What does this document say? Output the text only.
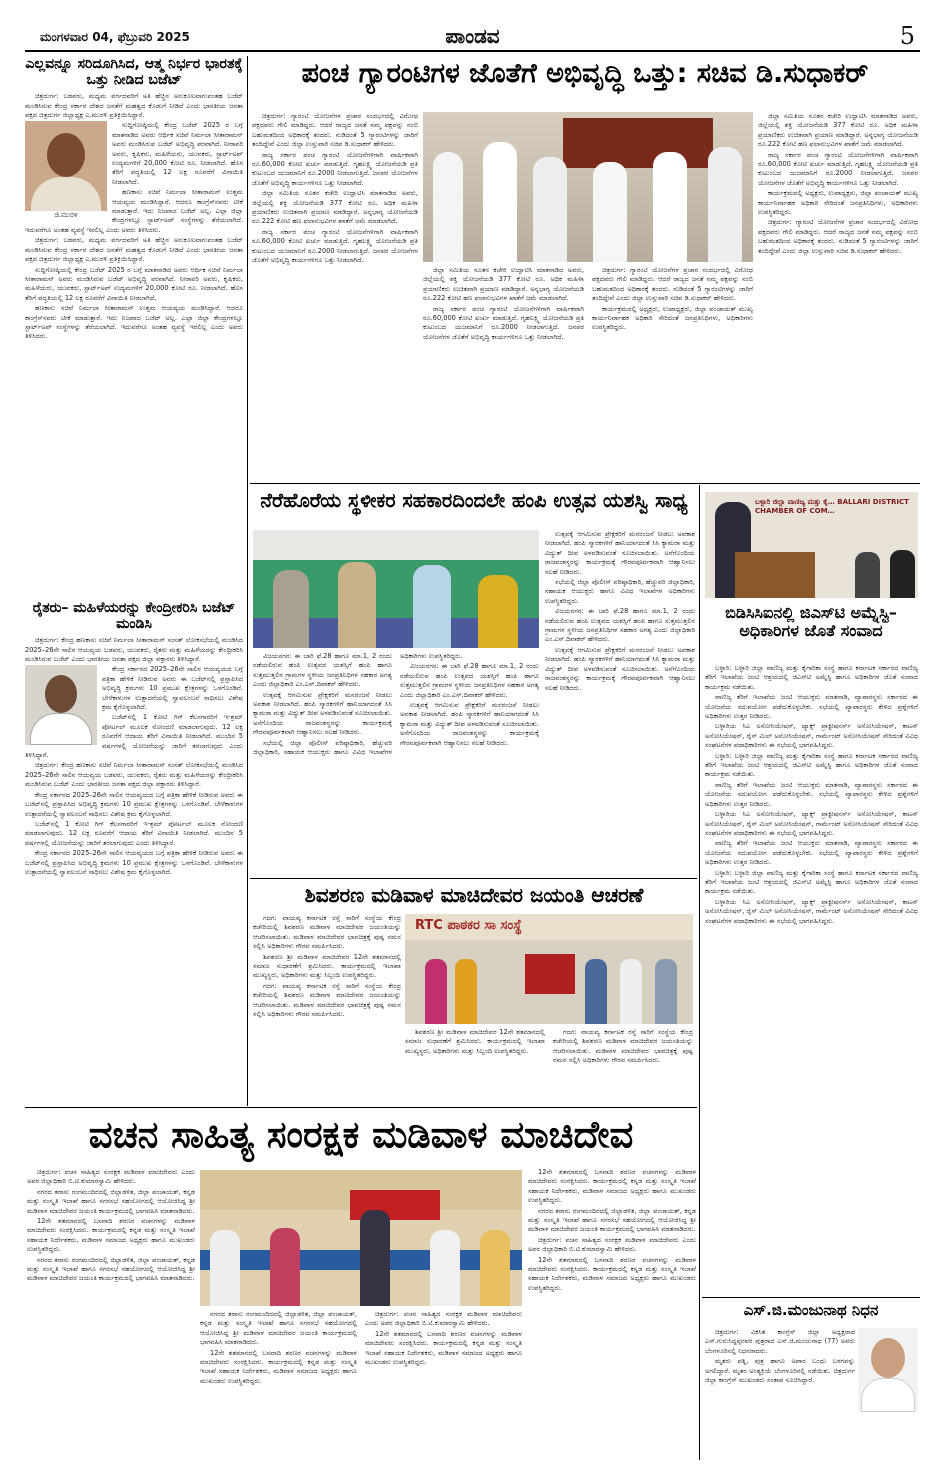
ಮಂಗಳವಾರ 04, ಫೆಬ್ರುವರಿ 2025	ಪಾಂಡವ	5
ಎಲ್ಲವನ್ನೂ ಸರಿದೂಗಿಸಿದ, ಆತ್ಮ ನಿರ್ಭರ ಭಾರತಕ್ಕೆ ಒತ್ತು ನೀಡಿದ ಬಜೆಟ್

ಚಿತ್ರದುರ್ಗ: ಬಡವರು, ಮಧ್ಯಮ ವರ್ಗದವರಿಗೆ ಅತಿ ಹೆಚ್ಚಿನ ಅನುಕೂಲವಾಗುವಂತಹ ಬಜೆಟ್ ಮಂಡಿಸಿರುವ ಕೇಂದ್ರ ಸರ್ಕಾರ ದೇಶದ ಜನತೆಗೆ ಮಹತ್ವದ ಕೊಡುಗೆ ನೀಡಿದೆ ಎಂದು ಭಾರತೀಯ ಜನತಾ ಪಕ್ಷದ ಚಿತ್ರದುರ್ಗ ಜಿಲ್ಲಾಧ್ಯಕ್ಷ ಎ.ಮುರಳಿ ಪ್ರತಿಕ್ರಿಯಿಸಿದ್ದಾರೆ.

ಜಿ.ಮುರಳಿ

ಸುದ್ದಿಗೋಷ್ಠಿಯಲ್ಲಿ ಕೇಂದ್ರ ಬಜೆಟ್ 2025 ರ ಬಗ್ಗೆ ಮಾತನಾಡಿದ ಅವರು ಆರ್ಥಿಕ ಸಚಿವೆ ನಿರ್ಮಲಾ ಸೀತಾರಾಮನ್ ಅವರು ಮಂಡಿಸಿರುವ ಬಜೆಟ್ ಅಭಿವೃದ್ಧಿ ಪರವಾಗಿದೆ. ನೀರಾವರಿ ಅವರು, ಕೃಷಿಕರು, ಮಹಿಳೆಯರು, ಯುವಕರು, ಸ್ಟಾರ್ಟ್‌ಅಪ್ ಉದ್ಯಮಗಳಿಗೆ 20,000 ಕೋಟಿ ರೂ. ನೀಡಲಾಗಿದೆ. ಹೊಸ ತೆರಿಗೆ ಪದ್ಧತಿಯಲ್ಲಿ 12 ಲಕ್ಷ ರೂವರೆಗೆ ವಿನಾಯಿತಿ ನೀಡಲಾಗಿದೆ.

ಹಣಕಾಸು ಸಚಿವೆ ನಿರ್ಮಲಾ ಸೀತಾರಾಮನ್ ಉತ್ತಮ ಆಯವ್ಯಯ ಮಂಡಿಸಿದ್ದಾರೆ. ಆದರೂ ಕಾಂಗ್ರೆಸ್‌ನವರು ಟೀಕೆ ಮಾಡುತ್ತಾರೆ. ಇದು ನಿಜವಾದ ಬಜೆಟ್ ಅಲ್ಲ. ಎಲ್ಲಾ ಜಿಲ್ಲಾ ಕೇಂದ್ರಗಳಲ್ಲೂ ಸ್ಟಾರ್ಟ್‌ಅಪ್ ಸಂಸ್ಥೆಗಳನ್ನು ತೆರೆಯಲಾಗಿದೆ. ಇದುವರೆಗೂ ಅಂತಹ ವ್ಯವಸ್ಥೆ ಇರಲಿಲ್ಲ ಎಂದು ಅವರು ತಿಳಿಸಿದರು.

ಚಿತ್ರದುರ್ಗ: ಬಡವರು, ಮಧ್ಯಮ ವರ್ಗದವರಿಗೆ ಅತಿ ಹೆಚ್ಚಿನ ಅನುಕೂಲವಾಗುವಂತಹ ಬಜೆಟ್ ಮಂಡಿಸಿರುವ ಕೇಂದ್ರ ಸರ್ಕಾರ ದೇಶದ ಜನತೆಗೆ ಮಹತ್ವದ ಕೊಡುಗೆ ನೀಡಿದೆ ಎಂದು ಭಾರತೀಯ ಜನತಾ ಪಕ್ಷದ ಚಿತ್ರದುರ್ಗ ಜಿಲ್ಲಾಧ್ಯಕ್ಷ ಎ.ಮುರಳಿ ಪ್ರತಿಕ್ರಿಯಿಸಿದ್ದಾರೆ.

ಸುದ್ದಿಗೋಷ್ಠಿಯಲ್ಲಿ ಕೇಂದ್ರ ಬಜೆಟ್ 2025 ರ ಬಗ್ಗೆ ಮಾತನಾಡಿದ ಅವರು ಆರ್ಥಿಕ ಸಚಿವೆ ನಿರ್ಮಲಾ ಸೀತಾರಾಮನ್ ಅವರು ಮಂಡಿಸಿರುವ ಬಜೆಟ್ ಅಭಿವೃದ್ಧಿ ಪರವಾಗಿದೆ. ನೀರಾವರಿ ಅವರು, ಕೃಷಿಕರು, ಮಹಿಳೆಯರು, ಯುವಕರು, ಸ್ಟಾರ್ಟ್‌ಅಪ್ ಉದ್ಯಮಗಳಿಗೆ 20,000 ಕೋಟಿ ರೂ. ನೀಡಲಾಗಿದೆ. ಹೊಸ ತೆರಿಗೆ ಪದ್ಧತಿಯಲ್ಲಿ 12 ಲಕ್ಷ ರೂವರೆಗೆ ವಿನಾಯಿತಿ ನೀಡಲಾಗಿದೆ.

ಹಣಕಾಸು ಸಚಿವೆ ನಿರ್ಮಲಾ ಸೀತಾರಾಮನ್ ಉತ್ತಮ ಆಯವ್ಯಯ ಮಂಡಿಸಿದ್ದಾರೆ. ಆದರೂ ಕಾಂಗ್ರೆಸ್‌ನವರು ಟೀಕೆ ಮಾಡುತ್ತಾರೆ. ಇದು ನಿಜವಾದ ಬಜೆಟ್ ಅಲ್ಲ. ಎಲ್ಲಾ ಜಿಲ್ಲಾ ಕೇಂದ್ರಗಳಲ್ಲೂ ಸ್ಟಾರ್ಟ್‌ಅಪ್ ಸಂಸ್ಥೆಗಳನ್ನು ತೆರೆಯಲಾಗಿದೆ. ಇದುವರೆಗೂ ಅಂತಹ ವ್ಯವಸ್ಥೆ ಇರಲಿಲ್ಲ ಎಂದು ಅವರು ತಿಳಿಸಿದರು.

ರೈತರು– ಮಹಿಳೆಯರನ್ನು ಕೇಂದ್ರೀಕರಿಸಿ ಬಜೆಟ್ ಮಂಡಿಸಿ

ಚಿತ್ರದುರ್ಗ: ಕೇಂದ್ರ ಹಣಕಾಸು ಸಚಿವೆ ನಿರ್ಮಲಾ ಸೀತಾರಾಮನ್ ಸಂಸತ್ ಲೋಕಸಭೆಯಲ್ಲಿ ಮಂಡಿಸಿದ 2025–26ನೇ ಸಾಲಿನ ಆಯವ್ಯಯ ಬಡವರು, ಯುವಕರು, ರೈತರು ಮತ್ತು ಮಹಿಳೆಯರನ್ನು ಕೇಂದ್ರೀಕರಿಸಿ ಮಂಡಿಸಿರುವ ಬಜೆಟ್ ಎಂದು ಭಾರತೀಯ ಜನತಾ ಪಕ್ಷದ ಜಿಲ್ಲಾ ವಕ್ತಾರರು ತಿಳಿಸಿದ್ದಾರೆ.

ಕೇಂದ್ರ ಸರ್ಕಾರದ 2025–26ನೇ ಸಾಲಿನ ಆಯವ್ಯಯದ ಬಗ್ಗೆ ಪತ್ರಿಕಾ ಹೇಳಿಕೆ ನೀಡಿರುವ ಅವರು ಈ ಬಜೆಟ್‌ನಲ್ಲಿ ಪ್ರಸ್ತಾಪಿಸಿದ ಅಭಿವೃದ್ಧಿ ಕ್ರಮಗಳು 10 ಪ್ರಮುಖ ಕ್ಷೇತ್ರಗಳನ್ನು ಒಳಗೊಂಡಿವೆ. ಬೇಳೆಕಾಳುಗಳ ಉತ್ಪಾದನೆಯಲ್ಲಿ ಸ್ವಾವಲಂಬನೆ ಸಾಧಿಸಲು ವಿಶೇಷ ಕ್ರಮ ಕೈಗೊಳ್ಳಲಾಗಿದೆ.

ಬಜೆಟ್‌ನಲ್ಲಿ 1 ಕೋಟಿ ಗಿಗ್ ಕೆಲಸಗಾರರಿಗೆ ಇ-ಶ್ರಮ್ ಪೋರ್ಟಲ್ ಮೂಲಕ ನೋಂದಣಿ ಮಾಡಲಾಗುವುದು. 12 ಲಕ್ಷ ರೂವರೆಗೆ ಆದಾಯ ತೆರಿಗೆ ವಿನಾಯಿತಿ ನೀಡಲಾಗಿದೆ. ಮುಂದಿನ 5 ವರ್ಷಗಳಲ್ಲಿ ಯೋಜನೆಯನ್ನು ಜಾರಿಗೆ ತರಲಾಗುವುದು ಎಂದು ತಿಳಿಸಿದ್ದಾರೆ.

ಚಿತ್ರದುರ್ಗ: ಕೇಂದ್ರ ಹಣಕಾಸು ಸಚಿವೆ ನಿರ್ಮಲಾ ಸೀತಾರಾಮನ್ ಸಂಸತ್ ಲೋಕಸಭೆಯಲ್ಲಿ ಮಂಡಿಸಿದ 2025–26ನೇ ಸಾಲಿನ ಆಯವ್ಯಯ ಬಡವರು, ಯುವಕರು, ರೈತರು ಮತ್ತು ಮಹಿಳೆಯರನ್ನು ಕೇಂದ್ರೀಕರಿಸಿ ಮಂಡಿಸಿರುವ ಬಜೆಟ್ ಎಂದು ಭಾರತೀಯ ಜನತಾ ಪಕ್ಷದ ಜಿಲ್ಲಾ ವಕ್ತಾರರು ತಿಳಿಸಿದ್ದಾರೆ.

ಕೇಂದ್ರ ಸರ್ಕಾರದ 2025–26ನೇ ಸಾಲಿನ ಆಯವ್ಯಯದ ಬಗ್ಗೆ ಪತ್ರಿಕಾ ಹೇಳಿಕೆ ನೀಡಿರುವ ಅವರು ಈ ಬಜೆಟ್‌ನಲ್ಲಿ ಪ್ರಸ್ತಾಪಿಸಿದ ಅಭಿವೃದ್ಧಿ ಕ್ರಮಗಳು 10 ಪ್ರಮುಖ ಕ್ಷೇತ್ರಗಳನ್ನು ಒಳಗೊಂಡಿವೆ. ಬೇಳೆಕಾಳುಗಳ ಉತ್ಪಾದನೆಯಲ್ಲಿ ಸ್ವಾವಲಂಬನೆ ಸಾಧಿಸಲು ವಿಶೇಷ ಕ್ರಮ ಕೈಗೊಳ್ಳಲಾಗಿದೆ.

ಬಜೆಟ್‌ನಲ್ಲಿ 1 ಕೋಟಿ ಗಿಗ್ ಕೆಲಸಗಾರರಿಗೆ ಇ-ಶ್ರಮ್ ಪೋರ್ಟಲ್ ಮೂಲಕ ನೋಂದಣಿ ಮಾಡಲಾಗುವುದು. 12 ಲಕ್ಷ ರೂವರೆಗೆ ಆದಾಯ ತೆರಿಗೆ ವಿನಾಯಿತಿ ನೀಡಲಾಗಿದೆ. ಮುಂದಿನ 5 ವರ್ಷಗಳಲ್ಲಿ ಯೋಜನೆಯನ್ನು ಜಾರಿಗೆ ತರಲಾಗುವುದು ಎಂದು ತಿಳಿಸಿದ್ದಾರೆ.

ಕೇಂದ್ರ ಸರ್ಕಾರದ 2025–26ನೇ ಸಾಲಿನ ಆಯವ್ಯಯದ ಬಗ್ಗೆ ಪತ್ರಿಕಾ ಹೇಳಿಕೆ ನೀಡಿರುವ ಅವರು ಈ ಬಜೆಟ್‌ನಲ್ಲಿ ಪ್ರಸ್ತಾಪಿಸಿದ ಅಭಿವೃದ್ಧಿ ಕ್ರಮಗಳು 10 ಪ್ರಮುಖ ಕ್ಷೇತ್ರಗಳನ್ನು ಒಳಗೊಂಡಿವೆ. ಬೇಳೆಕಾಳುಗಳ ಉತ್ಪಾದನೆಯಲ್ಲಿ ಸ್ವಾವಲಂಬನೆ ಸಾಧಿಸಲು ವಿಶೇಷ ಕ್ರಮ ಕೈಗೊಳ್ಳಲಾಗಿದೆ.

ಪಂಚ ಗ್ಯಾರಂಟಿಗಳ ಜೊತೆಗೆ ಅಭಿವೃದ್ಧಿ ಒತ್ತು: ಸಚಿವ ಡಿ.ಸುಧಾಕರ್

ಚಿತ್ರದುರ್ಗ: ಗ್ಯಾರಂಟಿ ಯೋಜನೆಗಳ ಪ್ರಚಾರ ಸಂದರ್ಭದಲ್ಲಿ ವಿರೋಧ ಪಕ್ಷದವರು ಗೇಲಿ ಮಾಡಿದ್ದರು. ಆದರೆ ರಾಜ್ಯದ ಜನತೆ ನಮ್ಮ ಪಕ್ಷವನ್ನು ನಂಬಿ ಬಹುಮತದಿಂದ ಅಧಿಕಾರಕ್ಕೆ ತಂದರು. ನುಡಿದಂತೆ 5 ಗ್ಯಾರಂಟಿಗಳನ್ನು ಜಾರಿಗೆ ತಂದಿದ್ದೇವೆ ಎಂದು ಜಿಲ್ಲಾ ಉಸ್ತುವಾರಿ ಸಚಿವ ಡಿ.ಸುಧಾಕರ್ ಹೇಳಿದರು.

ರಾಜ್ಯ ಸರ್ಕಾರ ಪಂಚ ಗ್ಯಾರಂಟಿ ಯೋಜನೆಗಳಿಗಾಗಿ ವಾರ್ಷಿಕವಾಗಿ ರೂ.60,000 ಕೋಟಿ ಖರ್ಚು ಮಾಡುತ್ತಿದೆ. ಗೃಹಲಕ್ಷ್ಮಿ ಯೋಜನೆಯಡಿ ಪ್ರತಿ ಕುಟುಂಬದ ಯಜಮಾನಿಗೆ ರೂ.2000 ನೀಡಲಾಗುತ್ತಿದೆ. ಜನಪರ ಯೋಜನೆಗಳ ಜೊತೆಗೆ ಅಭಿವೃದ್ಧಿ ಕಾರ್ಯಗಳಿಗೂ ಒತ್ತು ನೀಡಲಾಗಿದೆ.

ಜಿಲ್ಲಾ ಸಮಿತಿಯ ನೂತನ ಕಚೇರಿ ಉದ್ಘಾಟಿಸಿ ಮಾತನಾಡಿದ ಅವರು, ಜಿಲ್ಲೆಯಲ್ಲಿ ಶಕ್ತಿ ಯೋಜನೆಯಡಿ 377 ಕೋಟಿ ರೂ. ಅಧಿಕ ಮಹಿಳಾ ಪ್ರಯಾಣಿಕರು ಉಚಿತವಾಗಿ ಪ್ರಯಾಣ ಮಾಡಿದ್ದಾರೆ. ಅನ್ನಭಾಗ್ಯ ಯೋಜನೆಯಡಿ ರೂ.222 ಕೋಟಿ ಹಣ ಫಲಾನುಭವಿಗಳ ಖಾತೆಗೆ ಜಮೆ ಮಾಡಲಾಗಿದೆ.

ರಾಜ್ಯ ಸರ್ಕಾರ ಪಂಚ ಗ್ಯಾರಂಟಿ ಯೋಜನೆಗಳಿಗಾಗಿ ವಾರ್ಷಿಕವಾಗಿ ರೂ.60,000 ಕೋಟಿ ಖರ್ಚು ಮಾಡುತ್ತಿದೆ. ಗೃಹಲಕ್ಷ್ಮಿ ಯೋಜನೆಯಡಿ ಪ್ರತಿ ಕುಟುಂಬದ ಯಜಮಾನಿಗೆ ರೂ.2000 ನೀಡಲಾಗುತ್ತಿದೆ. ಜನಪರ ಯೋಜನೆಗಳ ಜೊತೆಗೆ ಅಭಿವೃದ್ಧಿ ಕಾರ್ಯಗಳಿಗೂ ಒತ್ತು ನೀಡಲಾಗಿದೆ.

ಜಿಲ್ಲಾ ಸಮಿತಿಯ ನೂತನ ಕಚೇರಿ ಉದ್ಘಾಟಿಸಿ ಮಾತನಾಡಿದ ಅವರು, ಜಿಲ್ಲೆಯಲ್ಲಿ ಶಕ್ತಿ ಯೋಜನೆಯಡಿ 377 ಕೋಟಿ ರೂ. ಅಧಿಕ ಮಹಿಳಾ ಪ್ರಯಾಣಿಕರು ಉಚಿತವಾಗಿ ಪ್ರಯಾಣ ಮಾಡಿದ್ದಾರೆ. ಅನ್ನಭಾಗ್ಯ ಯೋಜನೆಯಡಿ ರೂ.222 ಕೋಟಿ ಹಣ ಫಲಾನುಭವಿಗಳ ಖಾತೆಗೆ ಜಮೆ ಮಾಡಲಾಗಿದೆ.

ರಾಜ್ಯ ಸರ್ಕಾರ ಪಂಚ ಗ್ಯಾರಂಟಿ ಯೋಜನೆಗಳಿಗಾಗಿ ವಾರ್ಷಿಕವಾಗಿ ರೂ.60,000 ಕೋಟಿ ಖರ್ಚು ಮಾಡುತ್ತಿದೆ. ಗೃಹಲಕ್ಷ್ಮಿ ಯೋಜನೆಯಡಿ ಪ್ರತಿ ಕುಟುಂಬದ ಯಜಮಾನಿಗೆ ರೂ.2000 ನೀಡಲಾಗುತ್ತಿದೆ. ಜನಪರ ಯೋಜನೆಗಳ ಜೊತೆಗೆ ಅಭಿವೃದ್ಧಿ ಕಾರ್ಯಗಳಿಗೂ ಒತ್ತು ನೀಡಲಾಗಿದೆ.

ಚಿತ್ರದುರ್ಗ: ಗ್ಯಾರಂಟಿ ಯೋಜನೆಗಳ ಪ್ರಚಾರ ಸಂದರ್ಭದಲ್ಲಿ ವಿರೋಧ ಪಕ್ಷದವರು ಗೇಲಿ ಮಾಡಿದ್ದರು. ಆದರೆ ರಾಜ್ಯದ ಜನತೆ ನಮ್ಮ ಪಕ್ಷವನ್ನು ನಂಬಿ ಬಹುಮತದಿಂದ ಅಧಿಕಾರಕ್ಕೆ ತಂದರು. ನುಡಿದಂತೆ 5 ಗ್ಯಾರಂಟಿಗಳನ್ನು ಜಾರಿಗೆ ತಂದಿದ್ದೇವೆ ಎಂದು ಜಿಲ್ಲಾ ಉಸ್ತುವಾರಿ ಸಚಿವ ಡಿ.ಸುಧಾಕರ್ ಹೇಳಿದರು.

ಕಾರ್ಯಕ್ರಮದಲ್ಲಿ ಅಧ್ಯಕ್ಷರು, ಉಪಾಧ್ಯಕ್ಷರು, ಜಿಲ್ಲಾ ಪಂಚಾಯತ್ ಮುಖ್ಯ ಕಾರ್ಯನಿರ್ವಾಹಕ ಅಧಿಕಾರಿ ಸೇರಿದಂತೆ ಜನಪ್ರತಿನಿಧಿಗಳು, ಅಧಿಕಾರಿಗಳು ಉಪಸ್ಥಿತರಿದ್ದರು.

ಜಿಲ್ಲಾ ಸಮಿತಿಯ ನೂತನ ಕಚೇರಿ ಉದ್ಘಾಟಿಸಿ ಮಾತನಾಡಿದ ಅವರು, ಜಿಲ್ಲೆಯಲ್ಲಿ ಶಕ್ತಿ ಯೋಜನೆಯಡಿ 377 ಕೋಟಿ ರೂ. ಅಧಿಕ ಮಹಿಳಾ ಪ್ರಯಾಣಿಕರು ಉಚಿತವಾಗಿ ಪ್ರಯಾಣ ಮಾಡಿದ್ದಾರೆ. ಅನ್ನಭಾಗ್ಯ ಯೋಜನೆಯಡಿ ರೂ.222 ಕೋಟಿ ಹಣ ಫಲಾನುಭವಿಗಳ ಖಾತೆಗೆ ಜಮೆ ಮಾಡಲಾಗಿದೆ.

ರಾಜ್ಯ ಸರ್ಕಾರ ಪಂಚ ಗ್ಯಾರಂಟಿ ಯೋಜನೆಗಳಿಗಾಗಿ ವಾರ್ಷಿಕವಾಗಿ ರೂ.60,000 ಕೋಟಿ ಖರ್ಚು ಮಾಡುತ್ತಿದೆ. ಗೃಹಲಕ್ಷ್ಮಿ ಯೋಜನೆಯಡಿ ಪ್ರತಿ ಕುಟುಂಬದ ಯಜಮಾನಿಗೆ ರೂ.2000 ನೀಡಲಾಗುತ್ತಿದೆ. ಜನಪರ ಯೋಜನೆಗಳ ಜೊತೆಗೆ ಅಭಿವೃದ್ಧಿ ಕಾರ್ಯಗಳಿಗೂ ಒತ್ತು ನೀಡಲಾಗಿದೆ.

ಕಾರ್ಯಕ್ರಮದಲ್ಲಿ ಅಧ್ಯಕ್ಷರು, ಉಪಾಧ್ಯಕ್ಷರು, ಜಿಲ್ಲಾ ಪಂಚಾಯತ್ ಮುಖ್ಯ ಕಾರ್ಯನಿರ್ವಾಹಕ ಅಧಿಕಾರಿ ಸೇರಿದಂತೆ ಜನಪ್ರತಿನಿಧಿಗಳು, ಅಧಿಕಾರಿಗಳು ಉಪಸ್ಥಿತರಿದ್ದರು.

ಚಿತ್ರದುರ್ಗ: ಗ್ಯಾರಂಟಿ ಯೋಜನೆಗಳ ಪ್ರಚಾರ ಸಂದರ್ಭದಲ್ಲಿ ವಿರೋಧ ಪಕ್ಷದವರು ಗೇಲಿ ಮಾಡಿದ್ದರು. ಆದರೆ ರಾಜ್ಯದ ಜನತೆ ನಮ್ಮ ಪಕ್ಷವನ್ನು ನಂಬಿ ಬಹುಮತದಿಂದ ಅಧಿಕಾರಕ್ಕೆ ತಂದರು. ನುಡಿದಂತೆ 5 ಗ್ಯಾರಂಟಿಗಳನ್ನು ಜಾರಿಗೆ ತಂದಿದ್ದೇವೆ ಎಂದು ಜಿಲ್ಲಾ ಉಸ್ತುವಾರಿ ಸಚಿವ ಡಿ.ಸುಧಾಕರ್ ಹೇಳಿದರು.

ನೆರೆಹೊರೆಯ ಸ್ಥಳೀಕರ ಸಹಕಾರದಿಂದಲೇ ಹಂಪಿ ಉತ್ಸವ ಯಶಸ್ವಿ ಸಾಧ್ಯ

ವಿಜಯನಗರ: ಈ ಬಾರಿ ಫೆ.28 ಹಾಗೂ ಮಾ.1, 2 ರಂದು ನಡೆಯಲಿರುವ ಹಂಪಿ ಉತ್ಸವದ ಯಶಸ್ಸಿಗೆ ಹಂಪಿ ಹಾಗೂ ಸುತ್ತಮುತ್ತಲಿನ ಗ್ರಾಮಗಳ ಸ್ಥಳೀಯ ಜನಪ್ರತಿನಿಧಿಗಳ ಸಹಕಾರ ಅಗತ್ಯ ಎಂದು ಜಿಲ್ಲಾಧಿಕಾರಿ ಎಂ.ಎಸ್.ದಿವಾಕರ್ ಹೇಳಿದರು.

ಉತ್ಸವಕ್ಕೆ ಆಗಮಿಸುವ ಪ್ರೇಕ್ಷಕರಿಗೆ ಮನರಂಜನೆ ನೀಡಲು ಅವಕಾಶ ನೀಡಲಾಗಿದೆ. ಹಂಪಿ ಸ್ಮಾರಕಗಳಿಗೆ ಹಾನಿಯಾಗದಂತೆ ಸಿಸಿ ಕ್ಯಾಮರಾ ಮತ್ತು ವಿದ್ಯುತ್ ದೀಪ ಅಳವಡಿಸುವಂತೆ ಸೂಚಿಸಲಾಯಿತು. ಅನೆಗೊಂದಿಯ ರಾಜವಂಶಸ್ಥರನ್ನು ಕಾರ್ಯಕ್ರಮಕ್ಕೆ ಗೌರವಪೂರ್ವಕವಾಗಿ ಆಹ್ವಾನಿಸಲು ಸಲಹೆ ನೀಡಿದರು.

ಸಭೆಯಲ್ಲಿ ಜಿಲ್ಲಾ ಪೊಲೀಸ್ ವರಿಷ್ಠಾಧಿಕಾರಿ, ಹೆಚ್ಚುವರಿ ಜಿಲ್ಲಾಧಿಕಾರಿ, ಸಹಾಯಕ ಆಯುಕ್ತರು ಹಾಗೂ ವಿವಿಧ ಇಲಾಖೆಗಳ ಅಧಿಕಾರಿಗಳು ಉಪಸ್ಥಿತರಿದ್ದರು.

ವಿಜಯನಗರ: ಈ ಬಾರಿ ಫೆ.28 ಹಾಗೂ ಮಾ.1, 2 ರಂದು ನಡೆಯಲಿರುವ ಹಂಪಿ ಉತ್ಸವದ ಯಶಸ್ಸಿಗೆ ಹಂಪಿ ಹಾಗೂ ಸುತ್ತಮುತ್ತಲಿನ ಗ್ರಾಮಗಳ ಸ್ಥಳೀಯ ಜನಪ್ರತಿನಿಧಿಗಳ ಸಹಕಾರ ಅಗತ್ಯ ಎಂದು ಜಿಲ್ಲಾಧಿಕಾರಿ ಎಂ.ಎಸ್.ದಿವಾಕರ್ ಹೇಳಿದರು.

ಉತ್ಸವಕ್ಕೆ ಆಗಮಿಸುವ ಪ್ರೇಕ್ಷಕರಿಗೆ ಮನರಂಜನೆ ನೀಡಲು ಅವಕಾಶ ನೀಡಲಾಗಿದೆ. ಹಂಪಿ ಸ್ಮಾರಕಗಳಿಗೆ ಹಾನಿಯಾಗದಂತೆ ಸಿಸಿ ಕ್ಯಾಮರಾ ಮತ್ತು ವಿದ್ಯುತ್ ದೀಪ ಅಳವಡಿಸುವಂತೆ ಸೂಚಿಸಲಾಯಿತು. ಅನೆಗೊಂದಿಯ ರಾಜವಂಶಸ್ಥರನ್ನು ಕಾರ್ಯಕ್ರಮಕ್ಕೆ ಗೌರವಪೂರ್ವಕವಾಗಿ ಆಹ್ವಾನಿಸಲು ಸಲಹೆ ನೀಡಿದರು.

ಉತ್ಸವಕ್ಕೆ ಆಗಮಿಸುವ ಪ್ರೇಕ್ಷಕರಿಗೆ ಮನರಂಜನೆ ನೀಡಲು ಅವಕಾಶ ನೀಡಲಾಗಿದೆ. ಹಂಪಿ ಸ್ಮಾರಕಗಳಿಗೆ ಹಾನಿಯಾಗದಂತೆ ಸಿಸಿ ಕ್ಯಾಮರಾ ಮತ್ತು ವಿದ್ಯುತ್ ದೀಪ ಅಳವಡಿಸುವಂತೆ ಸೂಚಿಸಲಾಯಿತು. ಅನೆಗೊಂದಿಯ ರಾಜವಂಶಸ್ಥರನ್ನು ಕಾರ್ಯಕ್ರಮಕ್ಕೆ ಗೌರವಪೂರ್ವಕವಾಗಿ ಆಹ್ವಾನಿಸಲು ಸಲಹೆ ನೀಡಿದರು.

ಸಭೆಯಲ್ಲಿ ಜಿಲ್ಲಾ ಪೊಲೀಸ್ ವರಿಷ್ಠಾಧಿಕಾರಿ, ಹೆಚ್ಚುವರಿ ಜಿಲ್ಲಾಧಿಕಾರಿ, ಸಹಾಯಕ ಆಯುಕ್ತರು ಹಾಗೂ ವಿವಿಧ ಇಲಾಖೆಗಳ ಅಧಿಕಾರಿಗಳು ಉಪಸ್ಥಿತರಿದ್ದರು.

ವಿಜಯನಗರ: ಈ ಬಾರಿ ಫೆ.28 ಹಾಗೂ ಮಾ.1, 2 ರಂದು ನಡೆಯಲಿರುವ ಹಂಪಿ ಉತ್ಸವದ ಯಶಸ್ಸಿಗೆ ಹಂಪಿ ಹಾಗೂ ಸುತ್ತಮುತ್ತಲಿನ ಗ್ರಾಮಗಳ ಸ್ಥಳೀಯ ಜನಪ್ರತಿನಿಧಿಗಳ ಸಹಕಾರ ಅಗತ್ಯ ಎಂದು ಜಿಲ್ಲಾಧಿಕಾರಿ ಎಂ.ಎಸ್.ದಿವಾಕರ್ ಹೇಳಿದರು.

ಉತ್ಸವಕ್ಕೆ ಆಗಮಿಸುವ ಪ್ರೇಕ್ಷಕರಿಗೆ ಮನರಂಜನೆ ನೀಡಲು ಅವಕಾಶ ನೀಡಲಾಗಿದೆ. ಹಂಪಿ ಸ್ಮಾರಕಗಳಿಗೆ ಹಾನಿಯಾಗದಂತೆ ಸಿಸಿ ಕ್ಯಾಮರಾ ಮತ್ತು ವಿದ್ಯುತ್ ದೀಪ ಅಳವಡಿಸುವಂತೆ ಸೂಚಿಸಲಾಯಿತು. ಅನೆಗೊಂದಿಯ ರಾಜವಂಶಸ್ಥರನ್ನು ಕಾರ್ಯಕ್ರಮಕ್ಕೆ ಗೌರವಪೂರ್ವಕವಾಗಿ ಆಹ್ವಾನಿಸಲು ಸಲಹೆ ನೀಡಿದರು.

ಬಳ್ಳಾರಿ ಜಿಲ್ಲಾ ವಾಣಿಜ್ಯ ಮತ್ತು ಕೈ… BALLARI DISTRICT CHAMBER OF COM…
ಬಿಡಿಸಿಸಿಐನಲ್ಲಿ ಜಿಎಸ್‌ಟಿ ಅಮ್ನೆಸ್ಟಿ– ಅಧಿಕಾರಿಗಳ ಜೊತೆ ಸಂವಾದ

ಬಳ್ಳಾರಿ: ಬಳ್ಳಾರಿ ಜಿಲ್ಲಾ ವಾಣಿಜ್ಯ ಮತ್ತು ಕೈಗಾರಿಕಾ ಸಂಸ್ಥೆ ಹಾಗೂ ಕರ್ನಾಟಕ ಸರ್ಕಾರದ ವಾಣಿಜ್ಯ ತೆರಿಗೆ ಇಲಾಖೆಯ ಜಂಟಿ ಆಶ್ರಯದಲ್ಲಿ ಜಿಎಸ್‌ಟಿ ಅಮ್ನೆಸ್ಟಿ ಹಾಗೂ ಅಧಿಕಾರಿಗಳ ಜೊತೆ ಸಂವಾದ ಕಾರ್ಯಕ್ರಮ ನಡೆಯಿತು.

ವಾಣಿಜ್ಯ ತೆರಿಗೆ ಇಲಾಖೆಯ ಜಂಟಿ ಆಯುಕ್ತರು ಮಾತನಾಡಿ, ವ್ಯಾಪಾರಸ್ಥರು ಸರ್ಕಾರದ ಈ ಯೋಜನೆಯ ಸದುಪಯೋಗ ಪಡೆದುಕೊಳ್ಳಬೇಕು. ಸಭೆಯಲ್ಲಿ ವ್ಯಾಪಾರಸ್ಥರು ಕೇಳಿದ ಪ್ರಶ್ನೆಗಳಿಗೆ ಅಧಿಕಾರಿಗಳು ಉತ್ತರ ನೀಡಿದರು.

ಬಳ್ಳಾರಿಯ ಸಿಎ ಅಸೋಸಿಯೇಷನ್, ಟ್ಯಾಕ್ಸ್ ಪ್ರಾಕ್ಟೀಷನರ್ಸ್ ಅಸೋಸಿಯೇಷನ್, ಕಾಟನ್ ಅಸೋಸಿಯೇಷನ್, ರೈಸ್ ಮಿಲ್ ಅಸೋಸಿಯೇಷನ್, ಗಾರ್ಮೆಂಟ್ ಅಸೋಸಿಯೇಷನ್ ಸೇರಿದಂತೆ ವಿವಿಧ ಸಂಘಟನೆಗಳ ಪದಾಧಿಕಾರಿಗಳು ಈ ಸಭೆಯಲ್ಲಿ ಭಾಗವಹಿಸಿದ್ದರು.

ಬಳ್ಳಾರಿ: ಬಳ್ಳಾರಿ ಜಿಲ್ಲಾ ವಾಣಿಜ್ಯ ಮತ್ತು ಕೈಗಾರಿಕಾ ಸಂಸ್ಥೆ ಹಾಗೂ ಕರ್ನಾಟಕ ಸರ್ಕಾರದ ವಾಣಿಜ್ಯ ತೆರಿಗೆ ಇಲಾಖೆಯ ಜಂಟಿ ಆಶ್ರಯದಲ್ಲಿ ಜಿಎಸ್‌ಟಿ ಅಮ್ನೆಸ್ಟಿ ಹಾಗೂ ಅಧಿಕಾರಿಗಳ ಜೊತೆ ಸಂವಾದ ಕಾರ್ಯಕ್ರಮ ನಡೆಯಿತು.

ವಾಣಿಜ್ಯ ತೆರಿಗೆ ಇಲಾಖೆಯ ಜಂಟಿ ಆಯುಕ್ತರು ಮಾತನಾಡಿ, ವ್ಯಾಪಾರಸ್ಥರು ಸರ್ಕಾರದ ಈ ಯೋಜನೆಯ ಸದುಪಯೋಗ ಪಡೆದುಕೊಳ್ಳಬೇಕು. ಸಭೆಯಲ್ಲಿ ವ್ಯಾಪಾರಸ್ಥರು ಕೇಳಿದ ಪ್ರಶ್ನೆಗಳಿಗೆ ಅಧಿಕಾರಿಗಳು ಉತ್ತರ ನೀಡಿದರು.

ಬಳ್ಳಾರಿಯ ಸಿಎ ಅಸೋಸಿಯೇಷನ್, ಟ್ಯಾಕ್ಸ್ ಪ್ರಾಕ್ಟೀಷನರ್ಸ್ ಅಸೋಸಿಯೇಷನ್, ಕಾಟನ್ ಅಸೋಸಿಯೇಷನ್, ರೈಸ್ ಮಿಲ್ ಅಸೋಸಿಯೇಷನ್, ಗಾರ್ಮೆಂಟ್ ಅಸೋಸಿಯೇಷನ್ ಸೇರಿದಂತೆ ವಿವಿಧ ಸಂಘಟನೆಗಳ ಪದಾಧಿಕಾರಿಗಳು ಈ ಸಭೆಯಲ್ಲಿ ಭಾಗವಹಿಸಿದ್ದರು.

ವಾಣಿಜ್ಯ ತೆರಿಗೆ ಇಲಾಖೆಯ ಜಂಟಿ ಆಯುಕ್ತರು ಮಾತನಾಡಿ, ವ್ಯಾಪಾರಸ್ಥರು ಸರ್ಕಾರದ ಈ ಯೋಜನೆಯ ಸದುಪಯೋಗ ಪಡೆದುಕೊಳ್ಳಬೇಕು. ಸಭೆಯಲ್ಲಿ ವ್ಯಾಪಾರಸ್ಥರು ಕೇಳಿದ ಪ್ರಶ್ನೆಗಳಿಗೆ ಅಧಿಕಾರಿಗಳು ಉತ್ತರ ನೀಡಿದರು.

ಬಳ್ಳಾರಿ: ಬಳ್ಳಾರಿ ಜಿಲ್ಲಾ ವಾಣಿಜ್ಯ ಮತ್ತು ಕೈಗಾರಿಕಾ ಸಂಸ್ಥೆ ಹಾಗೂ ಕರ್ನಾಟಕ ಸರ್ಕಾರದ ವಾಣಿಜ್ಯ ತೆರಿಗೆ ಇಲಾಖೆಯ ಜಂಟಿ ಆಶ್ರಯದಲ್ಲಿ ಜಿಎಸ್‌ಟಿ ಅಮ್ನೆಸ್ಟಿ ಹಾಗೂ ಅಧಿಕಾರಿಗಳ ಜೊತೆ ಸಂವಾದ ಕಾರ್ಯಕ್ರಮ ನಡೆಯಿತು.

ಬಳ್ಳಾರಿಯ ಸಿಎ ಅಸೋಸಿಯೇಷನ್, ಟ್ಯಾಕ್ಸ್ ಪ್ರಾಕ್ಟೀಷನರ್ಸ್ ಅಸೋಸಿಯೇಷನ್, ಕಾಟನ್ ಅಸೋಸಿಯೇಷನ್, ರೈಸ್ ಮಿಲ್ ಅಸೋಸಿಯೇಷನ್, ಗಾರ್ಮೆಂಟ್ ಅಸೋಸಿಯೇಷನ್ ಸೇರಿದಂತೆ ವಿವಿಧ ಸಂಘಟನೆಗಳ ಪದಾಧಿಕಾರಿಗಳು ಈ ಸಭೆಯಲ್ಲಿ ಭಾಗವಹಿಸಿದ್ದರು.

ಶಿವಶರಣ ಮಡಿವಾಳ ಮಾಚಿದೇವರ ಜಯಂತಿ ಆಚರಣೆ

ಗದಗ: ವಾಯವ್ಯ ಕರ್ನಾಟಕ ರಸ್ತೆ ಸಾರಿಗೆ ಸಂಸ್ಥೆಯ ಕೇಂದ್ರ ಕಚೇರಿಯಲ್ಲಿ ಶಿವಶರಣ ಮಡಿವಾಳ ಮಾಚಿದೇವರ ಜಯಂತಿಯನ್ನು ಆಚರಿಸಲಾಯಿತು. ಮಡಿವಾಳ ಮಾಚಿದೇವರ ಭಾವಚಿತ್ರಕ್ಕೆ ಪುಷ್ಪ ನಮನ ಸಲ್ಲಿಸಿ ಅಧಿಕಾರಿಗಳು ಗೌರವ ಸಮರ್ಪಿಸಿದರು.

ಶಿವಶರಣ ಶ್ರೀ ಮಡಿವಾಳ ಮಾಚಿದೇವರ 12ನೇ ಶತಮಾನದಲ್ಲಿ ಸಮಾಜ ಸುಧಾರಣೆಗೆ ಶ್ರಮಿಸಿದರು. ಕಾರ್ಯಕ್ರಮದಲ್ಲಿ ಇಲಾಖಾ ಮುಖ್ಯಸ್ಥರು, ಅಧಿಕಾರಿಗಳು ಮತ್ತು ಸಿಬ್ಬಂದಿ ಉಪಸ್ಥಿತರಿದ್ದರು.

ಗದಗ: ವಾಯವ್ಯ ಕರ್ನಾಟಕ ರಸ್ತೆ ಸಾರಿಗೆ ಸಂಸ್ಥೆಯ ಕೇಂದ್ರ ಕಚೇರಿಯಲ್ಲಿ ಶಿವಶರಣ ಮಡಿವಾಳ ಮಾಚಿದೇವರ ಜಯಂತಿಯನ್ನು ಆಚರಿಸಲಾಯಿತು. ಮಡಿವಾಳ ಮಾಚಿದೇವರ ಭಾವಚಿತ್ರಕ್ಕೆ ಪುಷ್ಪ ನಮನ ಸಲ್ಲಿಸಿ ಅಧಿಕಾರಿಗಳು ಗೌರವ ಸಮರ್ಪಿಸಿದರು.

RTC ಪಾಠಕರ ಸಾ ಸಂಸ್ಥೆ

ಶಿವಶರಣ ಶ್ರೀ ಮಡಿವಾಳ ಮಾಚಿದೇವರ 12ನೇ ಶತಮಾನದಲ್ಲಿ ಸಮಾಜ ಸುಧಾರಣೆಗೆ ಶ್ರಮಿಸಿದರು. ಕಾರ್ಯಕ್ರಮದಲ್ಲಿ ಇಲಾಖಾ ಮುಖ್ಯಸ್ಥರು, ಅಧಿಕಾರಿಗಳು ಮತ್ತು ಸಿಬ್ಬಂದಿ ಉಪಸ್ಥಿತರಿದ್ದರು.

ಗದಗ: ವಾಯವ್ಯ ಕರ್ನಾಟಕ ರಸ್ತೆ ಸಾರಿಗೆ ಸಂಸ್ಥೆಯ ಕೇಂದ್ರ ಕಚೇರಿಯಲ್ಲಿ ಶಿವಶರಣ ಮಡಿವಾಳ ಮಾಚಿದೇವರ ಜಯಂತಿಯನ್ನು ಆಚರಿಸಲಾಯಿತು. ಮಡಿವಾಳ ಮಾಚಿದೇವರ ಭಾವಚಿತ್ರಕ್ಕೆ ಪುಷ್ಪ ನಮನ ಸಲ್ಲಿಸಿ ಅಧಿಕಾರಿಗಳು ಗೌರವ ಸಮರ್ಪಿಸಿದರು.

ವಚನ ಸಾಹಿತ್ಯ ಸಂರಕ್ಷಕ ಮಡಿವಾಳ ಮಾಚಿದೇವ

ಚಿತ್ರದುರ್ಗ: ವಚನ ಸಾಹಿತ್ಯದ ಸಂರಕ್ಷಕ ಮಡಿವಾಳ ಮಾಚಿದೇವರು ಎಂದು ಅಪರ ಜಿಲ್ಲಾಧಿಕಾರಿ ಬಿ.ಟಿ.ಕುಮಾರಸ್ವಾಮಿ ಹೇಳಿದರು.

ನಗರದ ತರಾಸು ರಂಗಮಂದಿರದಲ್ಲಿ ಜಿಲ್ಲಾಡಳಿತ, ಜಿಲ್ಲಾ ಪಂಚಾಯತ್, ಕನ್ನಡ ಮತ್ತು ಸಂಸ್ಕೃತಿ ಇಲಾಖೆ ಹಾಗೂ ನಗರಸಭೆ ಸಹಯೋಗದಲ್ಲಿ ಆಯೋಜಿಸಿದ್ದ ಶ್ರೀ ಮಡಿವಾಳ ಮಾಚಿದೇವರ ಜಯಂತಿ ಕಾರ್ಯಕ್ರಮದಲ್ಲಿ ಭಾಗವಹಿಸಿ ಮಾತನಾಡಿದರು.

12ನೇ ಶತಮಾನದಲ್ಲಿ ಬಸವಾದಿ ಶರಣರ ವಚನಗಳನ್ನು ಮಡಿವಾಳ ಮಾಚಿದೇವರು ಸಂರಕ್ಷಿಸಿದರು. ಕಾರ್ಯಕ್ರಮದಲ್ಲಿ ಕನ್ನಡ ಮತ್ತು ಸಂಸ್ಕೃತಿ ಇಲಾಖೆ ಸಹಾಯಕ ನಿರ್ದೇಶಕರು, ಮಡಿವಾಳ ಸಮಾಜದ ಅಧ್ಯಕ್ಷರು ಹಾಗೂ ಮುಖಂಡರು ಉಪಸ್ಥಿತರಿದ್ದರು.

ನಗರದ ತರಾಸು ರಂಗಮಂದಿರದಲ್ಲಿ ಜಿಲ್ಲಾಡಳಿತ, ಜಿಲ್ಲಾ ಪಂಚಾಯತ್, ಕನ್ನಡ ಮತ್ತು ಸಂಸ್ಕೃತಿ ಇಲಾಖೆ ಹಾಗೂ ನಗರಸಭೆ ಸಹಯೋಗದಲ್ಲಿ ಆಯೋಜಿಸಿದ್ದ ಶ್ರೀ ಮಡಿವಾಳ ಮಾಚಿದೇವರ ಜಯಂತಿ ಕಾರ್ಯಕ್ರಮದಲ್ಲಿ ಭಾಗವಹಿಸಿ ಮಾತನಾಡಿದರು.

ನಗರದ ತರಾಸು ರಂಗಮಂದಿರದಲ್ಲಿ ಜಿಲ್ಲಾಡಳಿತ, ಜಿಲ್ಲಾ ಪಂಚಾಯತ್, ಕನ್ನಡ ಮತ್ತು ಸಂಸ್ಕೃತಿ ಇಲಾಖೆ ಹಾಗೂ ನಗರಸಭೆ ಸಹಯೋಗದಲ್ಲಿ ಆಯೋಜಿಸಿದ್ದ ಶ್ರೀ ಮಡಿವಾಳ ಮಾಚಿದೇವರ ಜಯಂತಿ ಕಾರ್ಯಕ್ರಮದಲ್ಲಿ ಭಾಗವಹಿಸಿ ಮಾತನಾಡಿದರು.

12ನೇ ಶತಮಾನದಲ್ಲಿ ಬಸವಾದಿ ಶರಣರ ವಚನಗಳನ್ನು ಮಡಿವಾಳ ಮಾಚಿದೇವರು ಸಂರಕ್ಷಿಸಿದರು. ಕಾರ್ಯಕ್ರಮದಲ್ಲಿ ಕನ್ನಡ ಮತ್ತು ಸಂಸ್ಕೃತಿ ಇಲಾಖೆ ಸಹಾಯಕ ನಿರ್ದೇಶಕರು, ಮಡಿವಾಳ ಸಮಾಜದ ಅಧ್ಯಕ್ಷರು ಹಾಗೂ ಮುಖಂಡರು ಉಪಸ್ಥಿತರಿದ್ದರು.

ಚಿತ್ರದುರ್ಗ: ವಚನ ಸಾಹಿತ್ಯದ ಸಂರಕ್ಷಕ ಮಡಿವಾಳ ಮಾಚಿದೇವರು ಎಂದು ಅಪರ ಜಿಲ್ಲಾಧಿಕಾರಿ ಬಿ.ಟಿ.ಕುಮಾರಸ್ವಾಮಿ ಹೇಳಿದರು.

12ನೇ ಶತಮಾನದಲ್ಲಿ ಬಸವಾದಿ ಶರಣರ ವಚನಗಳನ್ನು ಮಡಿವಾಳ ಮಾಚಿದೇವರು ಸಂರಕ್ಷಿಸಿದರು. ಕಾರ್ಯಕ್ರಮದಲ್ಲಿ ಕನ್ನಡ ಮತ್ತು ಸಂಸ್ಕೃತಿ ಇಲಾಖೆ ಸಹಾಯಕ ನಿರ್ದೇಶಕರು, ಮಡಿವಾಳ ಸಮಾಜದ ಅಧ್ಯಕ್ಷರು ಹಾಗೂ ಮುಖಂಡರು ಉಪಸ್ಥಿತರಿದ್ದರು.

12ನೇ ಶತಮಾನದಲ್ಲಿ ಬಸವಾದಿ ಶರಣರ ವಚನಗಳನ್ನು ಮಡಿವಾಳ ಮಾಚಿದೇವರು ಸಂರಕ್ಷಿಸಿದರು. ಕಾರ್ಯಕ್ರಮದಲ್ಲಿ ಕನ್ನಡ ಮತ್ತು ಸಂಸ್ಕೃತಿ ಇಲಾಖೆ ಸಹಾಯಕ ನಿರ್ದೇಶಕರು, ಮಡಿವಾಳ ಸಮಾಜದ ಅಧ್ಯಕ್ಷರು ಹಾಗೂ ಮುಖಂಡರು ಉಪಸ್ಥಿತರಿದ್ದರು.

ನಗರದ ತರಾಸು ರಂಗಮಂದಿರದಲ್ಲಿ ಜಿಲ್ಲಾಡಳಿತ, ಜಿಲ್ಲಾ ಪಂಚಾಯತ್, ಕನ್ನಡ ಮತ್ತು ಸಂಸ್ಕೃತಿ ಇಲಾಖೆ ಹಾಗೂ ನಗರಸಭೆ ಸಹಯೋಗದಲ್ಲಿ ಆಯೋಜಿಸಿದ್ದ ಶ್ರೀ ಮಡಿವಾಳ ಮಾಚಿದೇವರ ಜಯಂತಿ ಕಾರ್ಯಕ್ರಮದಲ್ಲಿ ಭಾಗವಹಿಸಿ ಮಾತನಾಡಿದರು.

ಚಿತ್ರದುರ್ಗ: ವಚನ ಸಾಹಿತ್ಯದ ಸಂರಕ್ಷಕ ಮಡಿವಾಳ ಮಾಚಿದೇವರು ಎಂದು ಅಪರ ಜಿಲ್ಲಾಧಿಕಾರಿ ಬಿ.ಟಿ.ಕುಮಾರಸ್ವಾಮಿ ಹೇಳಿದರು.

12ನೇ ಶತಮಾನದಲ್ಲಿ ಬಸವಾದಿ ಶರಣರ ವಚನಗಳನ್ನು ಮಡಿವಾಳ ಮಾಚಿದೇವರು ಸಂರಕ್ಷಿಸಿದರು. ಕಾರ್ಯಕ್ರಮದಲ್ಲಿ ಕನ್ನಡ ಮತ್ತು ಸಂಸ್ಕೃತಿ ಇಲಾಖೆ ಸಹಾಯಕ ನಿರ್ದೇಶಕರು, ಮಡಿವಾಳ ಸಮಾಜದ ಅಧ್ಯಕ್ಷರು ಹಾಗೂ ಮುಖಂಡರು ಉಪಸ್ಥಿತರಿದ್ದರು.

ಎಸ್.ಜಿ.ಮಂಜುನಾಥ ನಿಧನ

ಚಿತ್ರದುರ್ಗ: ವಿಕಸಿತ ಕಾಂಗ್ರೆಸ್ ಜಿಲ್ಲಾ ಅಧ್ಯಕ್ಷರಾದ ಎಸ್.ಗುರುಸಿದ್ದಪ್ಪರವರ ಪುತ್ರರಾದ ಎಸ್.ಜಿ.ಮಂಜುನಾಥ (77) ಅವರು ಬೆಂಗಳೂರಿನಲ್ಲಿ ನಿಧನರಾದರು.

ಮೃತರು ಪತ್ನಿ, ಪುತ್ರ ಹಾಗೂ ಅಪಾರ ಬಂಧು ಬಳಗವನ್ನು ಅಗಲಿದ್ದಾರೆ. ಮೃತರ ಅಂತ್ಯಕ್ರಿಯೆ ಬೆಂಗಳೂರಿನಲ್ಲಿ ನಡೆಯಿತು. ಚಿತ್ರದುರ್ಗ ಜಿಲ್ಲಾ ಕಾಂಗ್ರೆಸ್ ಮುಖಂಡರು ಸಂತಾಪ ಸೂಚಿಸಿದ್ದಾರೆ.
